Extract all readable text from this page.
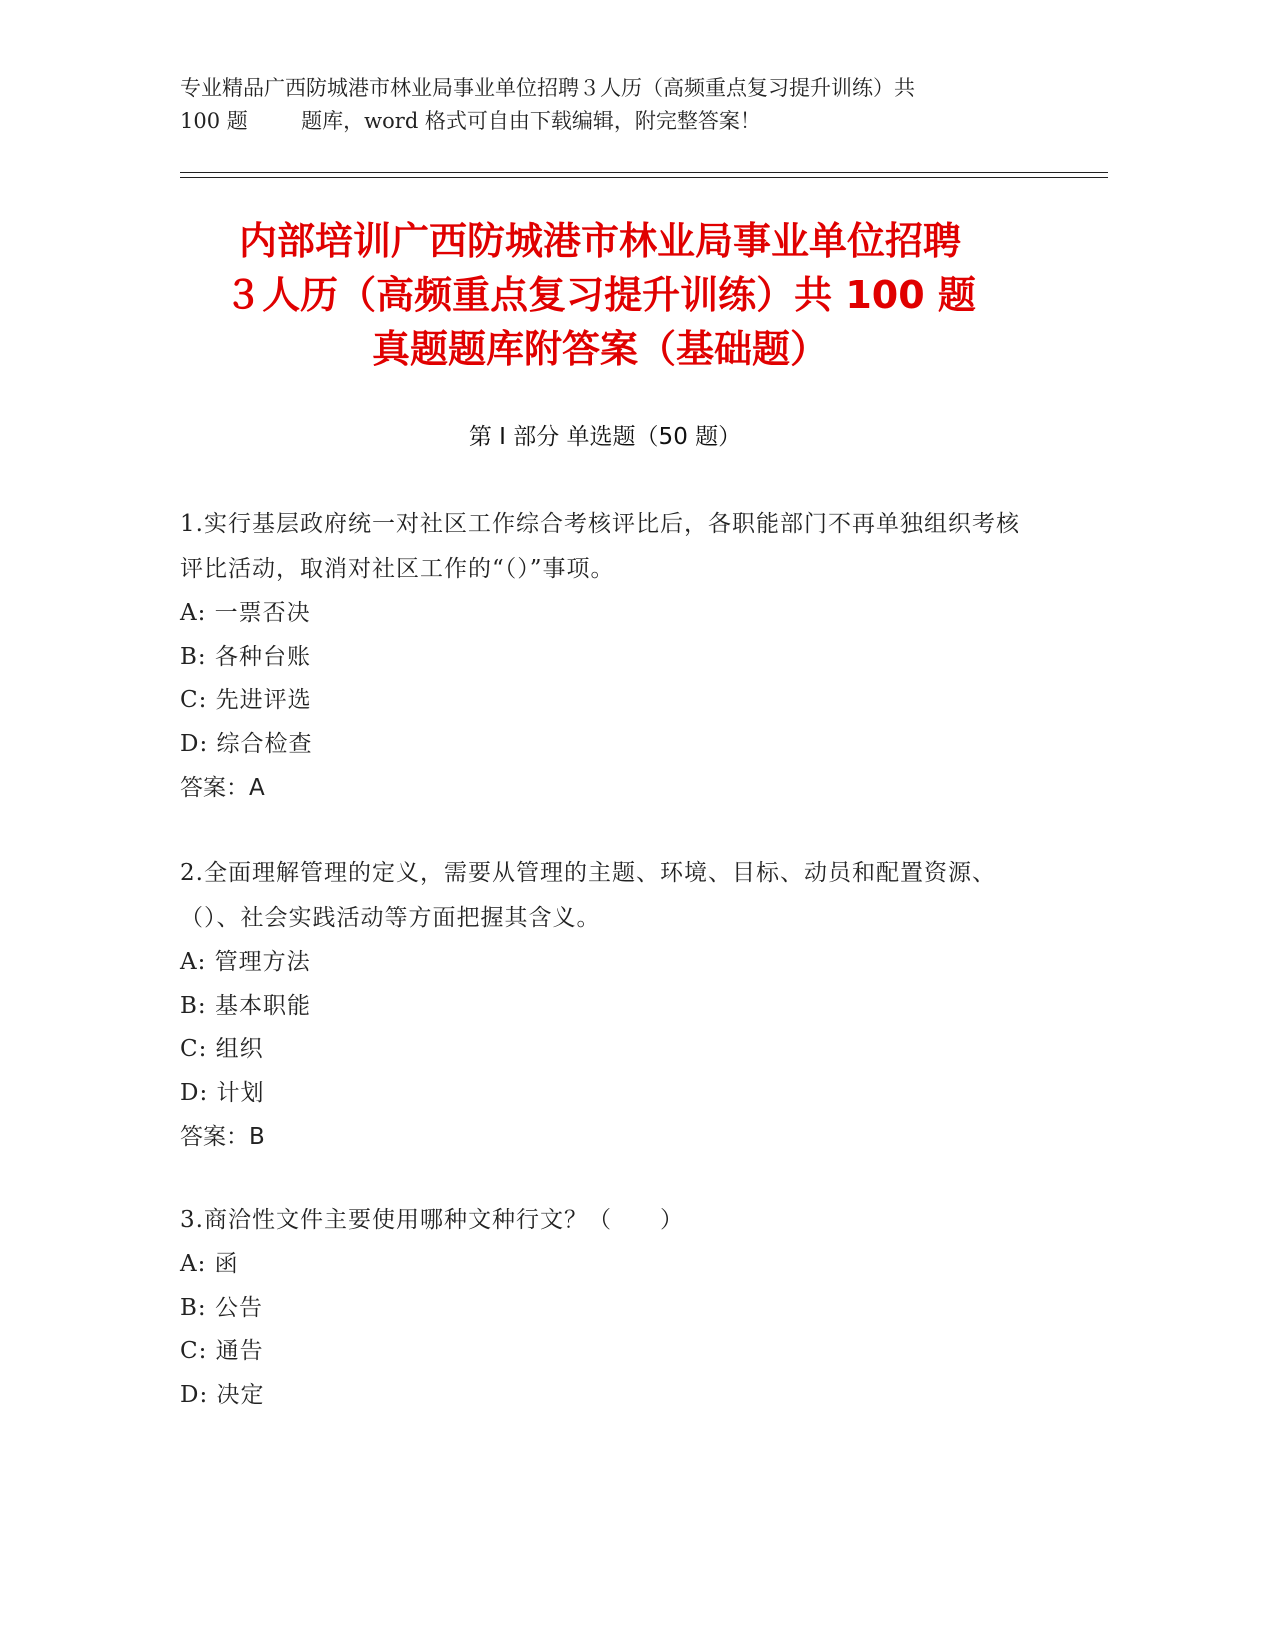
专业精品广西防城港市林业局事业单位招聘３人历（高频重点复习提升训练）共
100 题        题库，word 格式可自由下载编辑，附完整答案！
内部培训广西防城港市林业局事业单位招聘
３人历（高频重点复习提升训练）共 100 题
真题题库附答案（基础题）
第 I 部分 单选题（50 题）
1.实行基层政府统一对社区工作综合考核评比后，各职能部门不再单独组织考核评比活动，取消对社区工作的“（）”事项。
A: 一票否决
B: 各种台账
C: 先进评选
D: 综合检查
答案：A
2.全面理解管理的定义，需要从管理的主题、环境、目标、动员和配置资源、（）、社会实践活动等方面把握其含义。
A: 管理方法
B: 基本职能
C: 组织
D: 计划
答案：B
3.商洽性文件主要使用哪种文种行文？（　　）
A: 函
B: 公告
C: 通告
D: 决定
